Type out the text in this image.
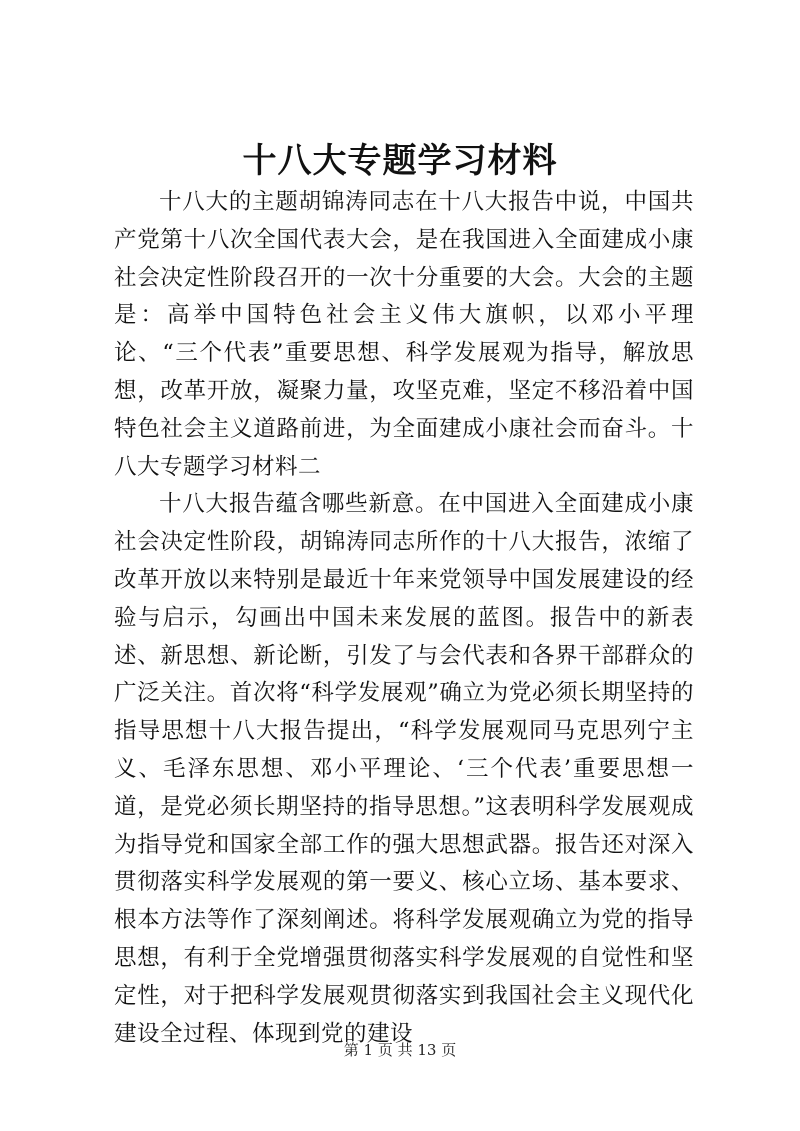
十八大专题学习材料

十八大的主题胡锦涛同志在十八大报告中说，中国共产党第十八次全国代表大会，是在我国进入全面建成小康社会决定性阶段召开的一次十分重要的大会。大会的主题是：高举中国特色社会主义伟大旗帜，以邓小平理论、“三个代表”重要思想、科学发展观为指导，解放思想，改革开放，凝聚力量，攻坚克难，坚定不移沿着中国特色社会主义道路前进，为全面建成小康社会而奋斗。十八大专题学习材料二

十八大报告蕴含哪些新意。在中国进入全面建成小康社会决定性阶段，胡锦涛同志所作的十八大报告，浓缩了改革开放以来特别是最近十年来党领导中国发展建设的经验与启示，勾画出中国未来发展的蓝图。报告中的新表述、新思想、新论断，引发了与会代表和各界干部群众的广泛关注。首次将“科学发展观”确立为党必须长期坚持的指导思想十八大报告提出，“科学发展观同马克思列宁主义、毛泽东思想、邓小平理论、‘三个代表’重要思想一道，是党必须长期坚持的指导思想。”这表明科学发展观成为指导党和国家全部工作的强大思想武器。报告还对深入贯彻落实科学发展观的第一要义、核心立场、基本要求、根本方法等作了深刻阐述。将科学发展观确立为党的指导思想，有利于全党增强贯彻落实科学发展观的自觉性和坚定性，对于把科学发展观贯彻落实到我国社会主义现代化建设全过程、体现到党的建设

第 1 页 共 13 页
